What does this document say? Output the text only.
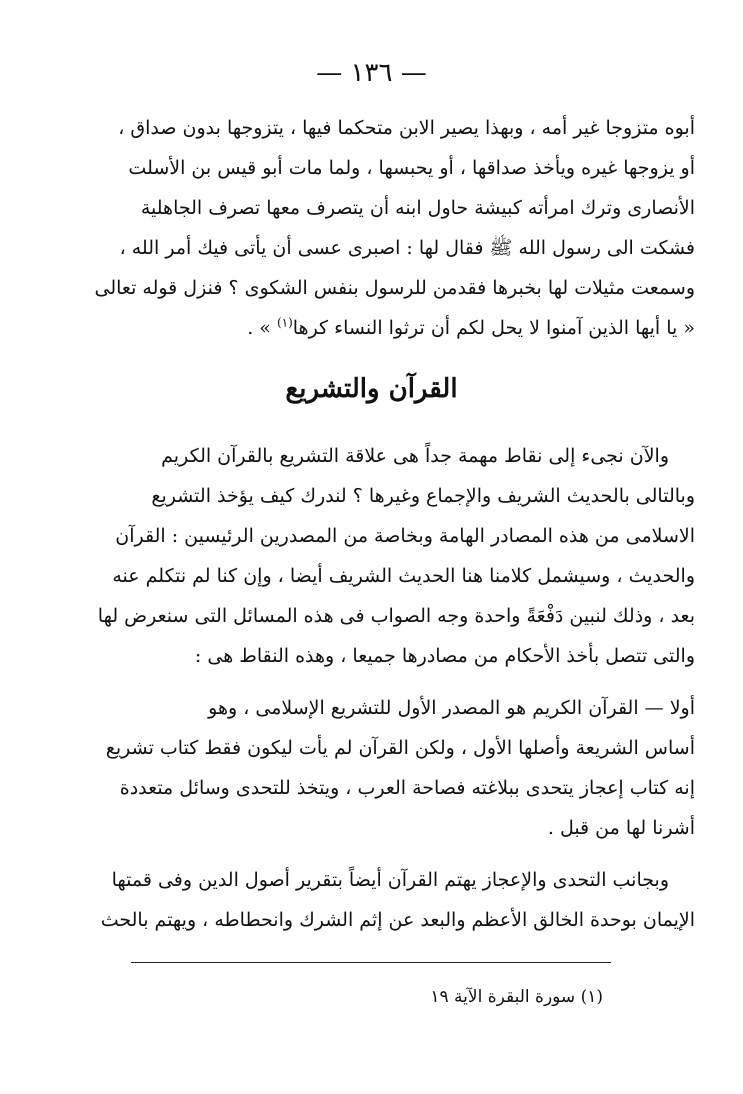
— ١٣٦ —
أبوه متزوجا غير أمه ، وبهذا يصير الابن متحكما فيها ، يتزوجها بدون صداق ،
أو يزوجها غيره ويأخذ صداقها ، أو يحبسها ، ولما مات أبو قيس بن الأسلت
الأنصارى وترك امرأته كبيشة حاول ابنه أن يتصرف معها تصرف الجاهلية
فشكت الى رسول الله ﷺ فقال لها : اصبرى عسى أن يأتى فيك أمر الله ،
وسمعت مثيلات لها بخبرها فقدمن للرسول بنفس الشكوى ؟ فنزل قوله تعالى
« يا أيها الذين آمنوا لا يحل لكم أن ترثوا النساء كرها$^{(١)}$ » .
القرآن والتشريع
والآن نجىء إلى نقاط مهمة جداً هى علاقة التشريع بالقرآن الكريم
وبالتالى بالحديث الشريف والإجماع وغيرها ؟ لندرك كيف يؤخذ التشريع
الاسلامى من هذه المصادر الهامة وبخاصة من المصدرين الرئيسين : القرآن
والحديث ، وسيشمل كلامنا هنا الحديث الشريف أيضا ، وإن كنا لم نتكلم عنه
بعد ، وذلك لنبين دَفْعَةً واحدة وجه الصواب فى هذه المسائل التى سنعرض لها
والتى تتصل بأخذ الأحكام من مصادرها جميعا ، وهذه النقاط هى :
أولا — القرآن الكريم هو المصدر الأول للتشريع الإسلامى ، وهو
أساس الشريعة وأصلها الأول ، ولكن القرآن لم يأت ليكون فقط كتاب تشريع
إنه كتاب إعجاز يتحدى ببلاغته فصاحة العرب ، ويتخذ للتحدى وسائل متعددة
أشرنا لها من قبل .
وبجانب التحدى والإعجاز يهتم القرآن أيضاً بتقرير أصول الدين وفى قمتها
الإيمان بوحدة الخالق الأعظم والبعد عن إثم الشرك وانحطاطه ، ويهتم بالحث
(١) سورة البقرة الآية ١٩
